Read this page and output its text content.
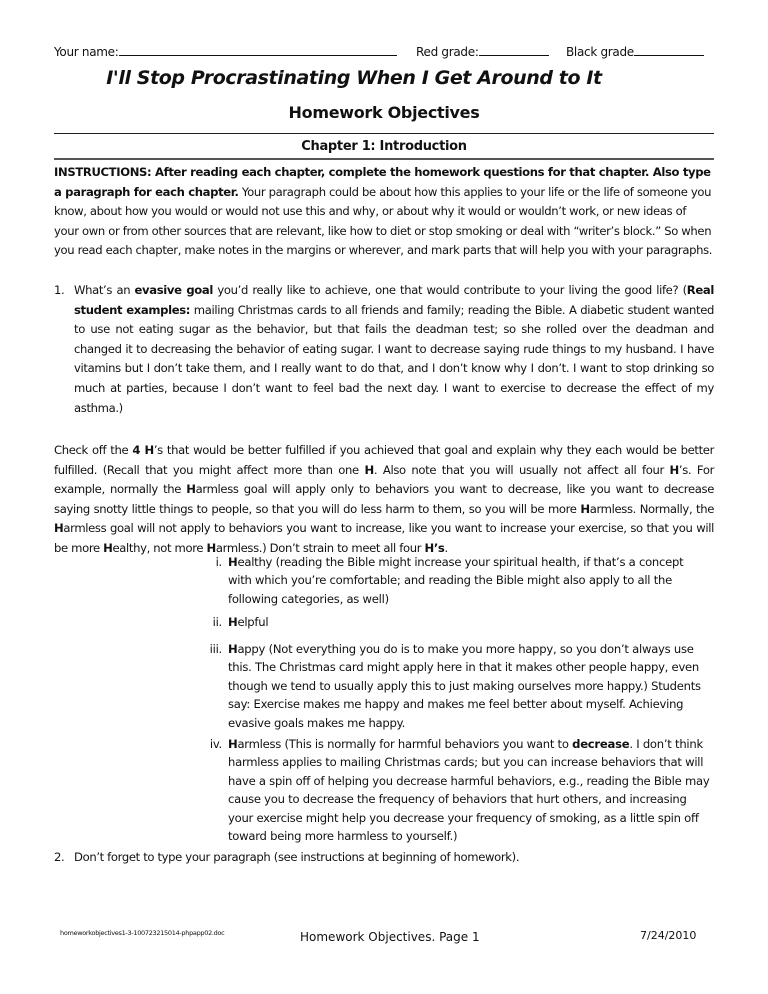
Your name:	Red grade:	Black grade
I'll Stop Procrastinating When I Get Around to It
Homework Objectives
Chapter 1: Introduction
INSTRUCTIONS: After reading each chapter, complete the homework questions for that chapter. Also type a paragraph for each chapter. Your paragraph could be about how this applies to your life or the life of someone you know, about how you would or would not use this and why, or about why it would or wouldn’t work, or new ideas of your own or from other sources that are relevant, like how to diet or stop smoking or deal with “writer’s block.” So when you read each chapter, make notes in the margins or wherever, and mark parts that will help you with your paragraphs.
1. What’s an evasive goal you’d really like to achieve, one that would contribute to your living the good life? (Real student examples: mailing Christmas cards to all friends and family; reading the Bible. A diabetic student wanted to use not eating sugar as the behavior, but that fails the deadman test; so she rolled over the deadman and changed it to decreasing the behavior of eating sugar. I want to decrease saying rude things to my husband. I have vitamins but I don’t take them, and I really want to do that, and I don’t know why I don’t. I want to stop drinking so much at parties, because I don’t want to feel bad the next day. I want to exercise to decrease the effect of my asthma.)
Check off the 4 H’s that would be better fulfilled if you achieved that goal and explain why they each would be better fulfilled. (Recall that you might affect more than one H. Also note that you will usually not affect all four H’s. For example, normally the Harmless goal will apply only to behaviors you want to decrease, like you want to decrease saying snotty little things to people, so that you will do less harm to them, so you will be more Harmless. Normally, the Harmless goal will not apply to behaviors you want to increase, like you want to increase your exercise, so that you will be more Healthy, not more Harmless.) Don’t strain to meet all four H’s.
i. Healthy (reading the Bible might increase your spiritual health, if that’s a concept with which you’re comfortable; and reading the Bible might also apply to all the following categories, as well)
ii. Helpful
iii. Happy (Not everything you do is to make you more happy, so you don’t always use this. The Christmas card might apply here in that it makes other people happy, even though we tend to usually apply this to just making ourselves more happy.) Students say: Exercise makes me happy and makes me feel better about myself. Achieving evasive goals makes me happy.
iv. Harmless (This is normally for harmful behaviors you want to decrease. I don’t think harmless applies to mailing Christmas cards; but you can increase behaviors that will have a spin off of helping you decrease harmful behaviors, e.g., reading the Bible may cause you to decrease the frequency of behaviors that hurt others, and increasing your exercise might help you decrease your frequency of smoking, as a little spin off toward being more harmless to yourself.)
2. Don’t forget to type your paragraph (see instructions at beginning of homework).
homeworkobjectives1-3-100723215014-phpapp02.doc	Homework Objectives. Page 1	7/24/2010
